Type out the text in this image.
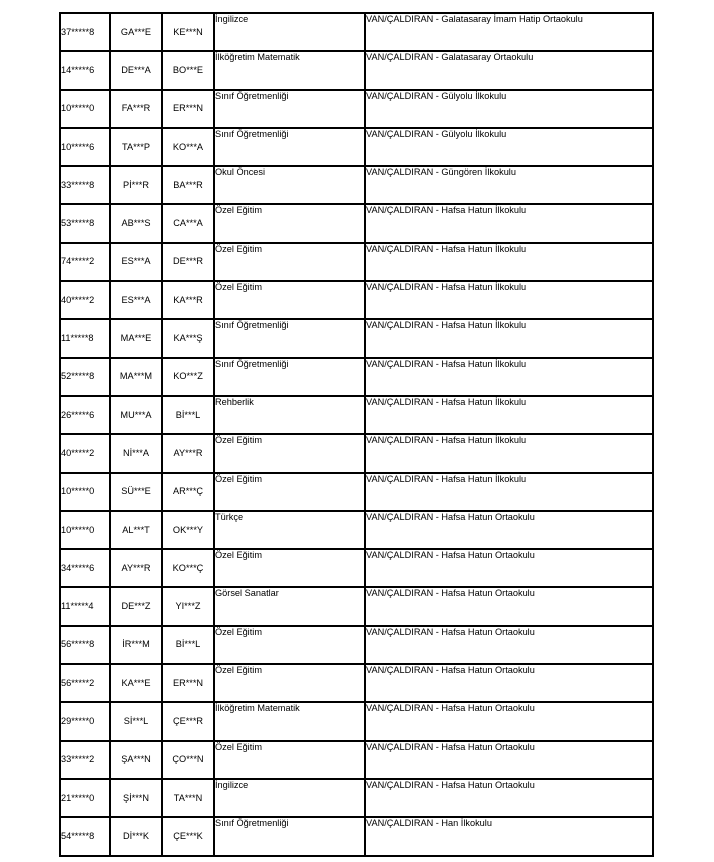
37*****8	GA***E	KE***N	İngilizce	VAN/ÇALDIRAN - Galatasaray İmam Hatip Ortaokulu
14*****6	DE***A	BO***E	İlköğretim Matematik	VAN/ÇALDIRAN - Galatasaray Ortaokulu
10*****0	FA***R	ER***N	Sınıf Öğretmenliği	VAN/ÇALDIRAN - Gülyolu İlkokulu
10*****6	TA***P	KO***A	Sınıf Öğretmenliği	VAN/ÇALDIRAN - Gülyolu İlkokulu
33*****8	Pİ***R	BA***R	Okul Öncesi	VAN/ÇALDIRAN - Güngören İlkokulu
53*****8	AB***S	CA***A	Özel Eğitim	VAN/ÇALDIRAN - Hafsa Hatun İlkokulu
74*****2	ES***A	DE***R	Özel Eğitim	VAN/ÇALDIRAN - Hafsa Hatun İlkokulu
40*****2	ES***A	KA***R	Özel Eğitim	VAN/ÇALDIRAN - Hafsa Hatun İlkokulu
11*****8	MA***E	KA***Ş	Sınıf Öğretmenliği	VAN/ÇALDIRAN - Hafsa Hatun İlkokulu
52*****8	MA***M	KO***Z	Sınıf Öğretmenliği	VAN/ÇALDIRAN - Hafsa Hatun İlkokulu
26*****6	MU***A	Bİ***L	Rehberlik	VAN/ÇALDIRAN - Hafsa Hatun İlkokulu
40*****2	Nİ***A	AY***R	Özel Eğitim	VAN/ÇALDIRAN - Hafsa Hatun İlkokulu
10*****0	SÜ***E	AR***Ç	Özel Eğitim	VAN/ÇALDIRAN - Hafsa Hatun İlkokulu
10*****0	AL***T	OK***Y	Türkçe	VAN/ÇALDIRAN - Hafsa Hatun Ortaokulu
34*****6	AY***R	KO***Ç	Özel Eğitim	VAN/ÇALDIRAN - Hafsa Hatun Ortaokulu
11*****4	DE***Z	YI***Z	Görsel Sanatlar	VAN/ÇALDIRAN - Hafsa Hatun Ortaokulu
56*****8	İR***M	Bİ***L	Özel Eğitim	VAN/ÇALDIRAN - Hafsa Hatun Ortaokulu
56*****2	KA***E	ER***N	Özel Eğitim	VAN/ÇALDIRAN - Hafsa Hatun Ortaokulu
29*****0	Sİ***L	ÇE***R	İlköğretim Matematik	VAN/ÇALDIRAN - Hafsa Hatun Ortaokulu
33*****2	ŞA***N	ÇO***N	Özel Eğitim	VAN/ÇALDIRAN - Hafsa Hatun Ortaokulu
21*****0	Şİ***N	TA***N	İngilizce	VAN/ÇALDIRAN - Hafsa Hatun Ortaokulu
54*****8	Dİ***K	ÇE***K	Sınıf Öğretmenliği	VAN/ÇALDIRAN - Han İlkokulu
